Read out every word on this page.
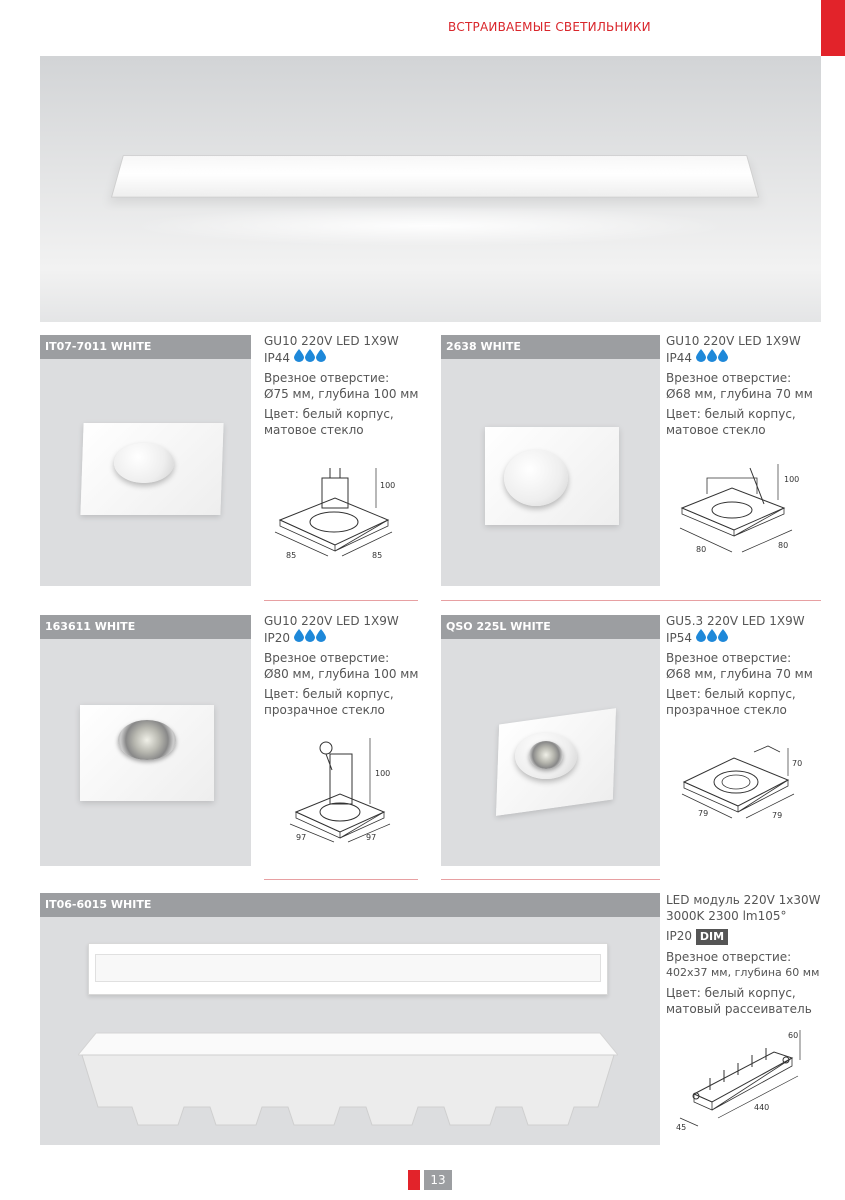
ВСТРАИВАЕМЫЕ СВЕТИЛЬНИКИ
IT07-7011 WHITE	GU10 220V LED 1X9W
IP44
Врезное отверстие:
Ø75 мм, глубина 100 мм
Цвет: белый корпус,
матовое стекло
100
85	85
2638 WHITE	GU10 220V LED 1X9W
IP44
Врезное отверстие:
Ø68 мм, глубина 70 мм
Цвет: белый корпус,
матовое стекло
100
80	80
163611 WHITE	GU10 220V LED 1X9W
IP20
Врезное отверстие:
Ø80 мм, глубина 100 мм
Цвет: белый корпус,
прозрачное стекло
100
97	97
QSO 225L WHITE	GU5.3 220V LED 1X9W
IP54
Врезное отверстие:
Ø68 мм, глубина 70 мм
Цвет: белый корпус,
прозрачное стекло
70
79	79
IT06-6015 WHITE	LED модуль 220V 1x30W
3000K 2300 lm105°
IP20 DIM
Врезное отверстие:
402x37 мм, глубина 60 мм
Цвет: белый корпус,
матовый рассеиватель
60
440
45
13
